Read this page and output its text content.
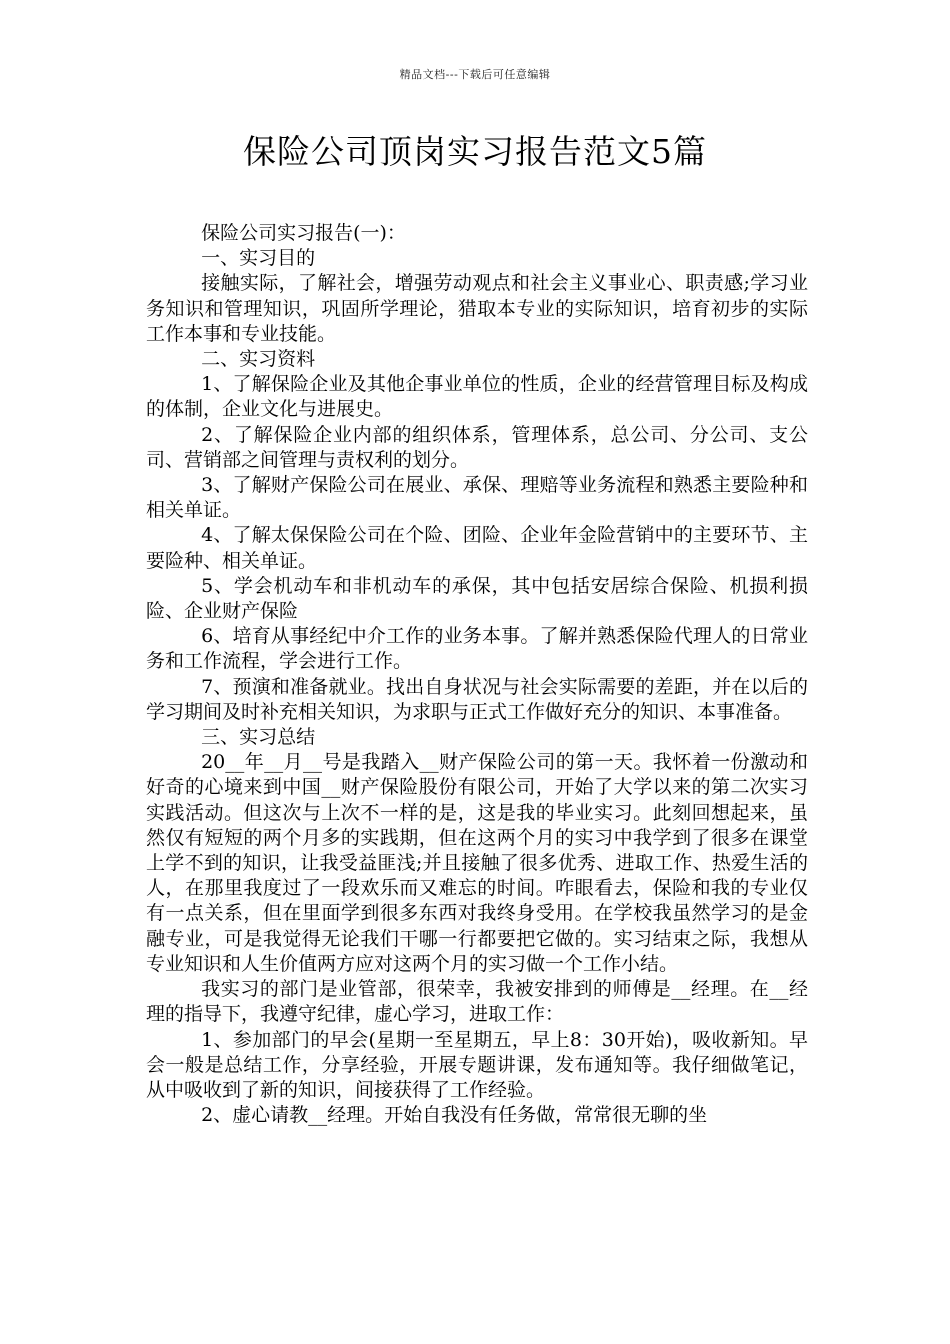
精品文档---下载后可任意编辑
保险公司顶岗实习报告范文5篇

保险公司实习报告(一)：

一、实习目的

接触实际，了解社会，增强劳动观点和社会主义事业心、职责感;学习业务知识和管理知识，巩固所学理论，猎取本专业的实际知识，培育初步的实际工作本事和专业技能。

二、实习资料

1、了解保险企业及其他企事业单位的性质，企业的经营管理目标及构成的体制，企业文化与进展史。

2、了解保险企业内部的组织体系，管理体系，总公司、分公司、支公司、营销部之间管理与责权利的划分。

3、了解财产保险公司在展业、承保、理赔等业务流程和熟悉主要险种和相关单证。

4、了解太保保险公司在个险、团险、企业年金险营销中的主要环节、主要险种、相关单证。

5、学会机动车和非机动车的承保，其中包括安居综合保险、机损利损险、企业财产保险

6、培育从事经纪中介工作的业务本事。了解并熟悉保险代理人的日常业务和工作流程，学会进行工作。

7、预演和准备就业。找出自身状况与社会实际需要的差距，并在以后的学习期间及时补充相关知识，为求职与正式工作做好充分的知识、本事准备。

三、实习总结

20__年__月__号是我踏入__财产保险公司的第一天。我怀着一份激动和好奇的心境来到中国__财产保险股份有限公司，开始了大学以来的第二次实习实践活动。但这次与上次不一样的是，这是我的毕业实习。此刻回想起来，虽然仅有短短的两个月多的实践期，但在这两个月的实习中我学到了很多在课堂上学不到的知识，让我受益匪浅;并且接触了很多优秀、进取工作、热爱生活的人，在那里我度过了一段欢乐而又难忘的时间。咋眼看去，保险和我的专业仅有一点关系，但在里面学到很多东西对我终身受用。在学校我虽然学习的是金融专业，可是我觉得无论我们干哪一行都要把它做的。实习结束之际，我想从专业知识和人生价值两方应对这两个月的实习做一个工作小结。

我实习的部门是业管部，很荣幸，我被安排到的师傅是__经理。在__经理的指导下，我遵守纪律，虚心学习，进取工作：

1、参加部门的早会(星期一至星期五，早上8：30开始)，吸收新知。早会一般是总结工作，分享经验，开展专题讲课，发布通知等。我仔细做笔记，从中吸收到了新的知识，间接获得了工作经验。

2、虚心请教__经理。开始自我没有任务做，常常很无聊的坐
